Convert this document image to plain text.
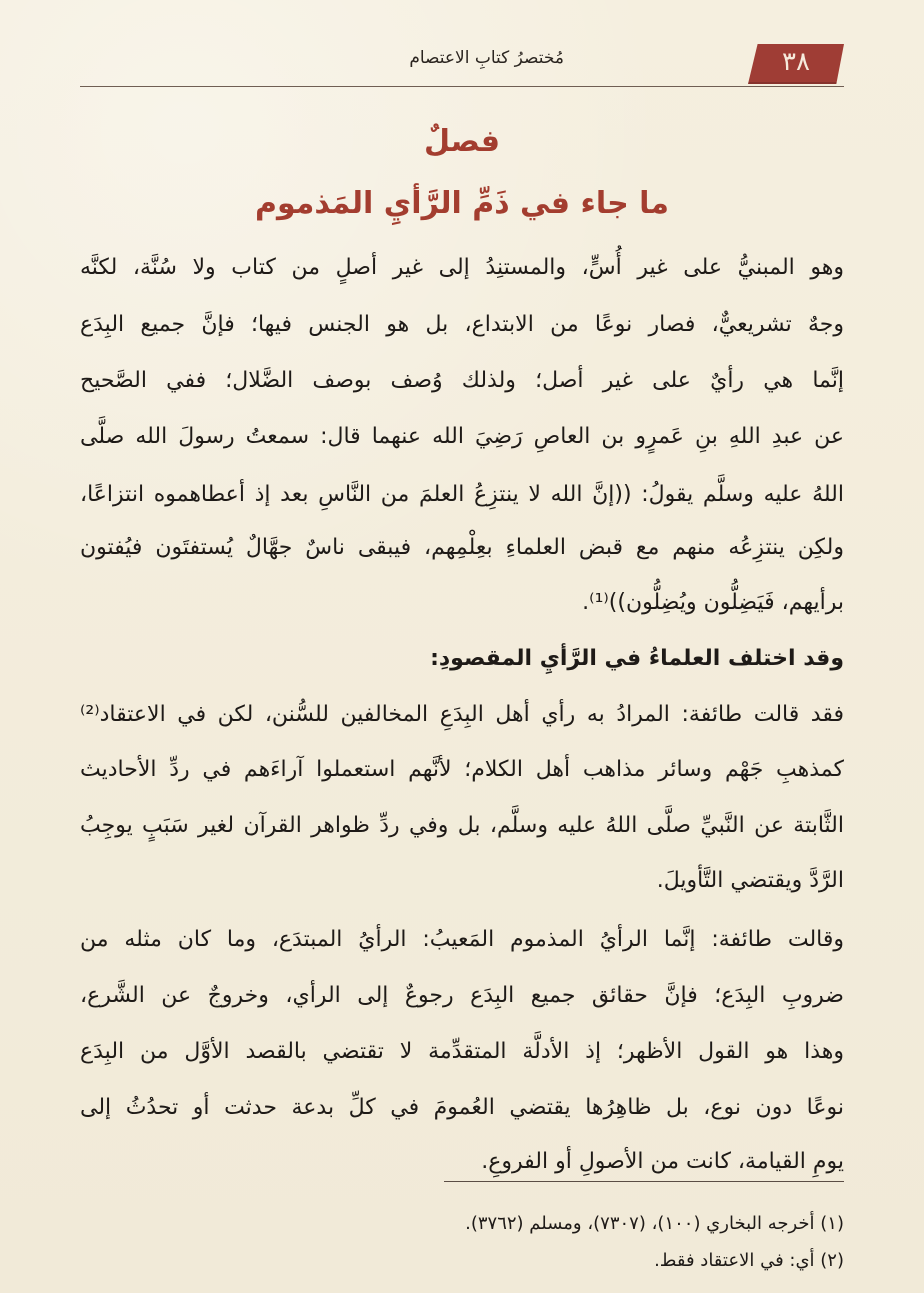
مُختصرُ كتابِ الاعتصام	٣٨
فصلٌ
ما جاء في ذَمِّ الرَّأيِ المَذموم
وهو المبنيُّ على غير أُسٍّ، والمستنِدُ إلى غير أصلٍ من كتاب ولا سُنَّة، لكنَّه
وجهٌ تشريعيٌّ، فصار نوعًا من الابتداع، بل هو الجنس فيها؛ فإنَّ جميع البِدَع
إنَّما هي رأيٌ على غير أصل؛ ولذلك وُصف بوصف الضَّلال؛ ففي الصَّحيح
عن عبدِ اللهِ بنِ عَمرٍو بن العاصِ رَضِيَ الله عنهما قال: سمعتُ رسولَ الله صلَّى
اللهُ عليه وسلَّم يقولُ: ((إنَّ الله لا ينتزِعُ العلمَ من النَّاسِ بعد إذ أعطاهموه انتزاعًا،
ولكِن ينتزِعُه منهم مع قبض العلماءِ بعِلْمِهم، فيبقى ناسٌ جهَّالٌ يُستفتَون فيُفتون
برأيهم، فَيَضِلُّون ويُضِلُّون))⁽¹⁾.
وقد اختلف العلماءُ في الرَّأيِ المقصودِ:
فقد قالت طائفة: المرادُ به رأي أهل البِدَعِ المخالفين للسُّنن، لكن في الاعتقاد⁽²⁾
كمذهبِ جَهْم وسائر مذاهب أهل الكلام؛ لأنَّهم استعملوا آراءَهم في ردِّ الأحاديث
الثَّابتة عن النَّبيِّ صلَّى اللهُ عليه وسلَّم، بل وفي ردِّ ظواهر القرآن لغير سَبَبٍ يوجِبُ
الرَّدَّ ويقتضي التَّأويلَ.
وقالت طائفة: إنَّما الرأيُ المذموم المَعيبُ: الرأيُ المبتدَع، وما كان مثله من
ضروبِ البِدَع؛ فإنَّ حقائق جميع البِدَع رجوعٌ إلى الرأي، وخروجٌ عن الشَّرع،
وهذا هو القول الأظهر؛ إذ الأدلَّة المتقدِّمة لا تقتضي بالقصد الأوَّل من البِدَع
نوعًا دون نوع، بل ظاهِرُها يقتضي العُمومَ في كلِّ بدعة حدثت أو تحدُثُ إلى
يومِ القيامة، كانت من الأصولِ أو الفروعِ.
(١) أخرجه البخاري (١٠٠)، (٧٣٠٧)، ومسلم (٣٧٦٢).
(٢) أي: في الاعتقاد فقط.
